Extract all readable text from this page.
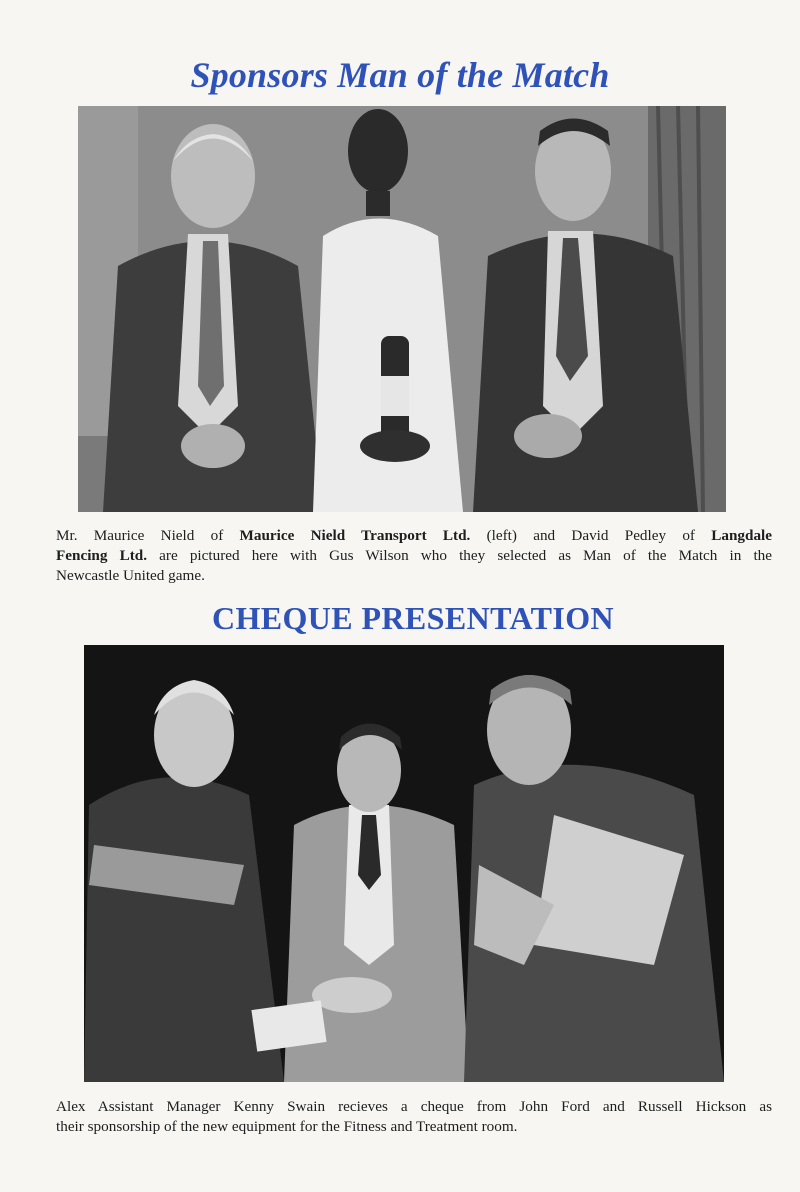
Sponsors Man of the Match
Mr. Maurice Nield of Maurice Nield Transport Ltd. (left) and David Pedley of Langdale
Fencing Ltd. are pictured here with Gus Wilson who they selected as Man of the Match in the
Newcastle United game.
CHEQUE PRESENTATION
Alex Assistant Manager Kenny Swain recieves a cheque from John Ford and Russell Hickson as
their sponsorship of the new equipment for the Fitness and Treatment room.
